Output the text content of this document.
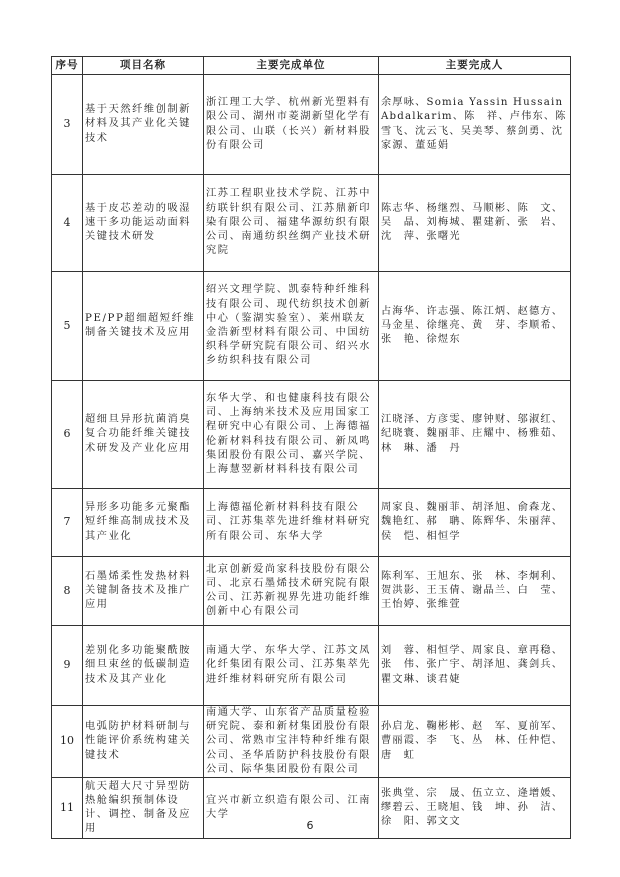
序号	项目名称	主要完成单位	主要完成人
3	基于天然纤维创制新材料及其产业化关键技术	浙江理工大学、杭州新光塑料有限公司、湖州市菱湖新望化学有限公司、山联（长兴）新材料股份有限公司	余厚咏、Somia Yassin Hussain Abdalkarim、陈　祥、卢伟东、陈雪飞、沈云飞、吴美琴、蔡剑勇、沈家源、董延娟
4	基于皮芯差动的吸湿速干多功能运动面料关键技术研发	江苏工程职业技术学院、江苏中纺联针织有限公司、江苏鼎新印染有限公司、福建华源纺织有限公司、南通纺织丝绸产业技术研究院	陈志华、杨继烈、马顺彬、陈　文、吴　晶、刘梅城、瞿建新、张　岩、沈　萍、张曙光
5	PE/PP超细超短纤维制备关键技术及应用	绍兴文理学院、凯泰特种纤维科技有限公司、现代纺织技术创新中心（鉴湖实验室）、莱州联友金浩新型材料有限公司、中国纺织科学研究院有限公司、绍兴水乡纺织科技有限公司	占海华、许志强、陈江炳、赵德方、马金星、徐继亮、黄　芽、李顺希、张　艳、徐煜东
6	超细旦异形抗菌消臭复合功能纤维关键技术研发及产业化应用	东华大学、和也健康科技有限公司、上海纳米技术及应用国家工程研究中心有限公司、上海德福伦新材料科技有限公司、新凤鸣集团股份有限公司、嘉兴学院、上海慧翌新材料科技有限公司	江晓泽、方彦雯、廖钟财、邬淑红、纪晓寰、魏丽菲、庄耀中、杨雅茹、林　琳、潘　丹
7	异形多功能多元聚酯短纤维高制成技术及其产业化	上海德福伦新材料科技有限公司、江苏集萃先进纤维材料研究所有限公司、东华大学	周家良、魏丽菲、胡泽旭、俞森龙、魏艳红、郝　聃、陈辉华、朱丽萍、侯　恺、相恒学
8	石墨烯柔性发热材料关键制备技术及推广应用	北京创新爱尚家科技股份有限公司、北京石墨烯技术研究院有限公司、江苏新视界先进功能纤维创新中心有限公司	陈利军、王旭东、张　林、李炯利、贺洪影、王玉倩、谢晶兰、白　莹、王怡婷、张维萱
9	差别化多功能聚酰胺细旦束丝的低碳制造技术及其产业化	南通大学、东华大学、江苏文凤化纤集团有限公司、江苏集萃先进纤维材料研究所有限公司	刘　蓉、相恒学、周家良、章再稳、张　伟、张广宇、胡泽旭、龚剑兵、瞿文琳、谈君婕
10	电弧防护材料研制与性能评价系统构建关键技术	南通大学、山东省产品质量检验研究院、泰和新材集团股份有限公司、常熟市宝沣特种纤维有限公司、圣华盾防护科技股份有限公司、际华集团股份有限公司	孙启龙、鞠彬彬、赵　军、夏前军、曹丽霞、李　飞、丛　林、任仲恺、唐　虹
11	航天超大尺寸异型防热舱编织预制体设计、调控、制备及应用	宜兴市新立织造有限公司、江南大学	张典堂、宗　晟、伍立立、逄增媛、缪碧云、王晓旭、钱　坤、孙　洁、徐　阳、郭文文
6
